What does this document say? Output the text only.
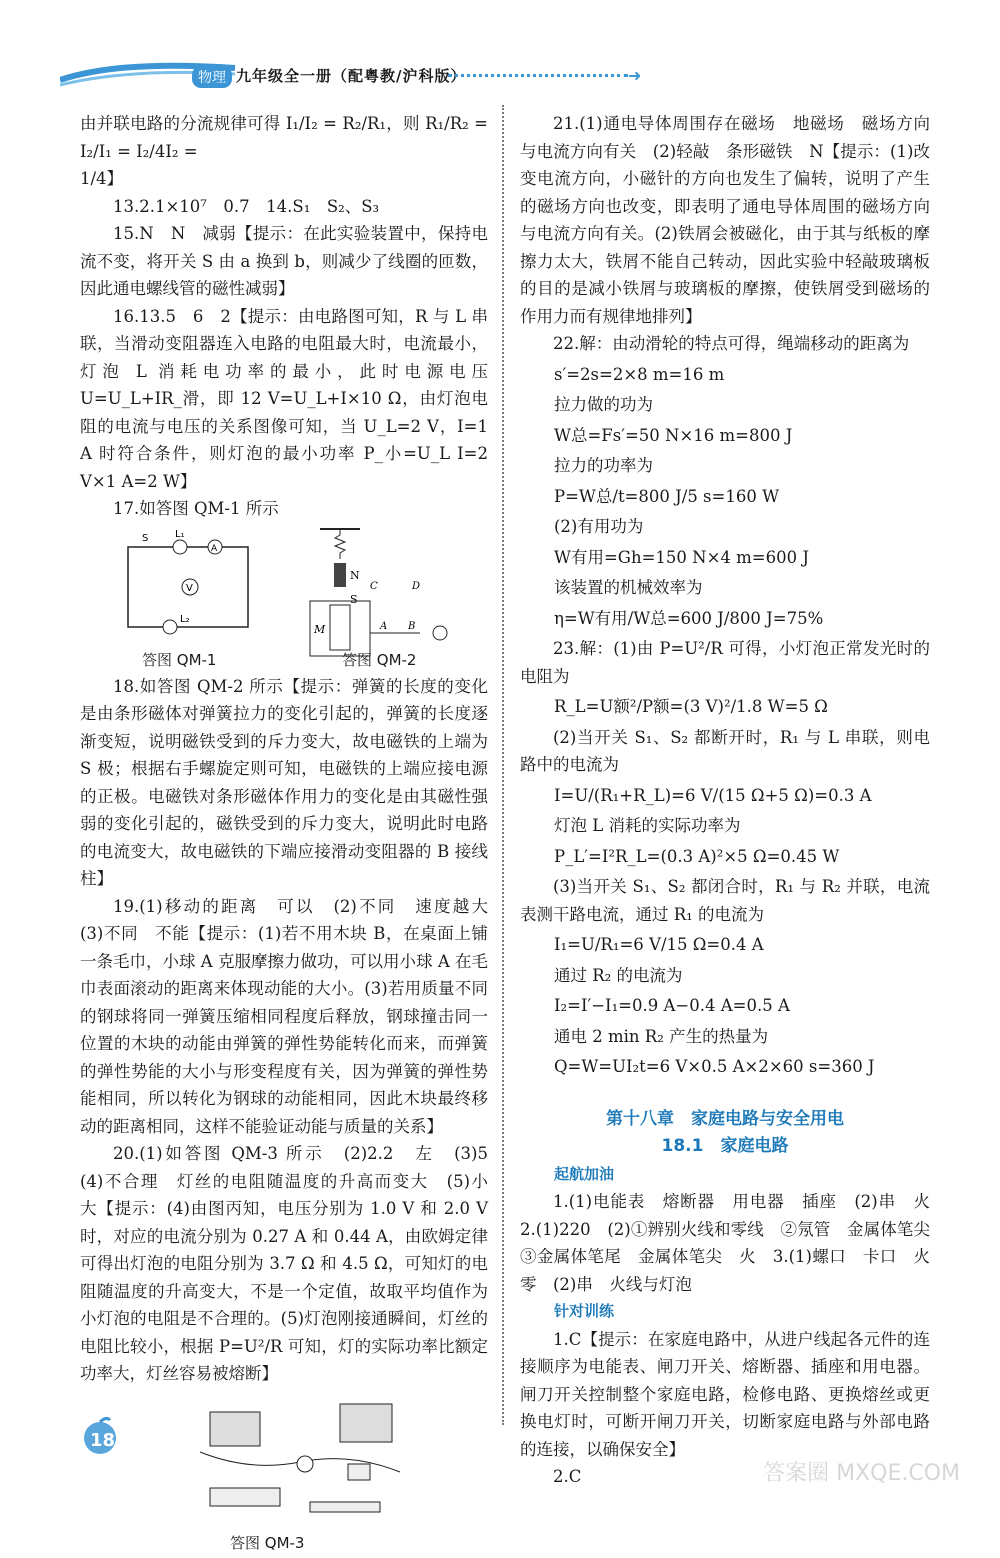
物理 九年级全一册（配粤教/沪科版）	➜

由并联电路的分流规律可得 I₁/I₂ = R₂/R₁，则 R₁/R₂ = I₂/I₁ = I₂/4I₂ =

1/4】

13.2.1×10⁷　0.7　14.S₁　S₂、S₃

15.N　N　减弱【提示：在此实验装置中，保持电流不变，将开关 S 由 a 换到 b，则减少了线圈的匝数，因此通电螺线管的磁性减弱】

16.13.5　6　2【提示：由电路图可知，R 与 L 串联，当滑动变阻器连入电路的电阻最大时，电流最小，灯泡 L 消耗电功率的最小，此时电源电压 U=U_L+IR_滑，即 12 V=U_L+I×10 Ω，由灯泡电阻的电流与电压的关系图像可知，当 U_L=2 V，I=1 A 时符合条件，则灯泡的最小功率 P_小=U_L I=2 V×1 A=2 W】

17.如答图 QM-1 所示

V
A
S	L₁
L₂
N
S
M	A B
C	D
答图 QM-1	答图 QM-2

18.如答图 QM-2 所示【提示：弹簧的长度的变化是由条形磁体对弹簧拉力的变化引起的，弹簧的长度逐渐变短，说明磁铁受到的斥力变大，故电磁铁的上端为 S 极；根据右手螺旋定则可知，电磁铁的上端应接电源的正极。电磁铁对条形磁体作用力的变化是由其磁性强弱的变化引起的，磁铁受到的斥力变大，说明此时电路的电流变大，故电磁铁的下端应接滑动变阻器的 B 接线柱】

19.(1)移动的距离　可以　(2)不同　速度越大　(3)不同　不能【提示：(1)若不用木块 B，在桌面上铺一条毛巾，小球 A 克服摩擦力做功，可以用小球 A 在毛巾表面滚动的距离来体现动能的大小。(3)若用质量不同的钢球将同一弹簧压缩相同程度后释放，钢球撞击同一位置的木块的动能由弹簧的弹性势能转化而来，而弹簧的弹性势能的大小与形变程度有关，因为弹簧的弹性势能相同，所以转化为钢球的动能相同，因此木块最终移动的距离相同，这样不能验证动能与质量的关系】

20.(1)如答图 QM-3 所示　(2)2.2　左　(3)5　(4)不合理　灯丝的电阻随温度的升高而变大　(5)小　大【提示：(4)由图丙知，电压分别为 1.0 V 和 2.0 V 时，对应的电流分别为 0.27 A 和 0.44 A，由欧姆定律可得出灯泡的电阻分别为 3.7 Ω 和 4.5 Ω，可知灯的电阻随温度的升高变大，不是一个定值，故取平均值作为小灯泡的电阻是不合理的。(5)灯泡刚接通瞬间，灯丝的电阻比较小，根据 P=U²/R 可知，灯的实际功率比额定功率大，灯丝容易被熔断】

答图 QM-3

21.(1)通电导体周围存在磁场　地磁场　磁场方向与电流方向有关　(2)轻敲　条形磁铁　N【提示：(1)改变电流方向，小磁针的方向也发生了偏转，说明了产生的磁场方向也改变，即表明了通电导体周围的磁场方向与电流方向有关。(2)铁屑会被磁化，由于其与纸板的摩擦力太大，铁屑不能自己转动，因此实验中轻敲玻璃板的目的是减小铁屑与玻璃板的摩擦，使铁屑受到磁场的作用力而有规律地排列】

22.解：由动滑轮的特点可得，绳端移动的距离为

s′=2s=2×8 m=16 m

拉力做的功为

W总=Fs′=50 N×16 m=800 J

拉力的功率为

P=W总/t=800 J/5 s=160 W

(2)有用功为

W有用=Gh=150 N×4 m=600 J

该装置的机械效率为

η=W有用/W总=600 J/800 J=75%

23.解：(1)由 P=U²/R 可得，小灯泡正常发光时的电阻为

R_L=U额²/P额=(3 V)²/1.8 W=5 Ω

(2)当开关 S₁、S₂ 都断开时，R₁ 与 L 串联，则电路中的电流为

I=U/(R₁+R_L)=6 V/(15 Ω+5 Ω)=0.3 A

灯泡 L 消耗的实际功率为

P_L′=I²R_L=(0.3 A)²×5 Ω=0.45 W

(3)当开关 S₁、S₂ 都闭合时，R₁ 与 R₂ 并联，电流表测干路电流，通过 R₁ 的电流为

I₁=U/R₁=6 V/15 Ω=0.4 A

通过 R₂ 的电流为

I₂=I′−I₁=0.9 A−0.4 A=0.5 A

通电 2 min R₂ 产生的热量为

Q=W=UI₂t=6 V×0.5 A×2×60 s=360 J

第十八章　家庭电路与安全用电

18.1　家庭电路

起航加油

1.(1)电能表　熔断器　用电器　插座　(2)串　火　2.(1)220　(2)①辨别火线和零线　②氖管　金属体笔尖　③金属体笔尾　金属体笔尖　火　3.(1)螺口　卡口　火　零　(2)串　火线与灯泡

针对训练

1.C【提示：在家庭电路中，从进户线起各元件的连接顺序为电能表、闸刀开关、熔断器、插座和用电器。闸刀开关控制整个家庭电路，检修电路、更换熔丝或更换电灯时，可断开闸刀开关，切断家庭电路与外部电路的连接，以确保安全】

2.C

186
答案圈 MXQE.COM
